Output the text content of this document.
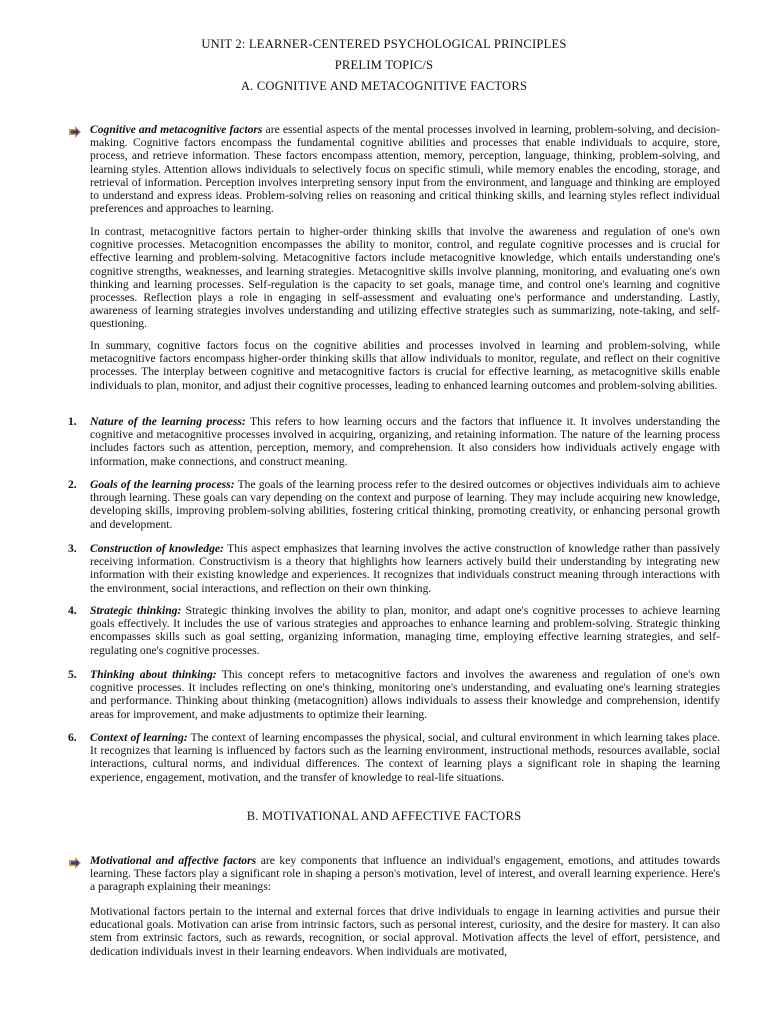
UNIT 2: LEARNER-CENTERED PSYCHOLOGICAL PRINCIPLES
PRELIM TOPIC/S
A. COGNITIVE AND METACOGNITIVE FACTORS
Cognitive and metacognitive factors are essential aspects of the mental processes involved in learning, problem-solving, and decision-making. Cognitive factors encompass the fundamental cognitive abilities and processes that enable individuals to acquire, store, process, and retrieve information. These factors encompass attention, memory, perception, language, thinking, problem-solving, and learning styles. Attention allows individuals to selectively focus on specific stimuli, while memory enables the encoding, storage, and retrieval of information. Perception involves interpreting sensory input from the environment, and language and thinking are employed to understand and express ideas. Problem-solving relies on reasoning and critical thinking skills, and learning styles reflect individual preferences and approaches to learning.
In contrast, metacognitive factors pertain to higher-order thinking skills that involve the awareness and regulation of one's own cognitive processes. Metacognition encompasses the ability to monitor, control, and regulate cognitive processes and is crucial for effective learning and problem-solving. Metacognitive factors include metacognitive knowledge, which entails understanding one's cognitive strengths, weaknesses, and learning strategies. Metacognitive skills involve planning, monitoring, and evaluating one's own thinking and learning processes. Self-regulation is the capacity to set goals, manage time, and control one's learning and cognitive processes. Reflection plays a role in engaging in self-assessment and evaluating one's performance and understanding. Lastly, awareness of learning strategies involves understanding and utilizing effective strategies such as summarizing, note-taking, and self-questioning.
In summary, cognitive factors focus on the cognitive abilities and processes involved in learning and problem-solving, while metacognitive factors encompass higher-order thinking skills that allow individuals to monitor, regulate, and reflect on their cognitive processes. The interplay between cognitive and metacognitive factors is crucial for effective learning, as metacognitive skills enable individuals to plan, monitor, and adjust their cognitive processes, leading to enhanced learning outcomes and problem-solving abilities.
1. Nature of the learning process: This refers to how learning occurs and the factors that influence it. It involves understanding the cognitive and metacognitive processes involved in acquiring, organizing, and retaining information. The nature of the learning process includes factors such as attention, perception, memory, and comprehension. It also considers how individuals actively engage with information, make connections, and construct meaning.
2. Goals of the learning process: The goals of the learning process refer to the desired outcomes or objectives individuals aim to achieve through learning. These goals can vary depending on the context and purpose of learning. They may include acquiring new knowledge, developing skills, improving problem-solving abilities, fostering critical thinking, promoting creativity, or enhancing personal growth and development.
3. Construction of knowledge: This aspect emphasizes that learning involves the active construction of knowledge rather than passively receiving information. Constructivism is a theory that highlights how learners actively build their understanding by integrating new information with their existing knowledge and experiences. It recognizes that individuals construct meaning through interactions with the environment, social interactions, and reflection on their own thinking.
4. Strategic thinking: Strategic thinking involves the ability to plan, monitor, and adapt one's cognitive processes to achieve learning goals effectively. It includes the use of various strategies and approaches to enhance learning and problem-solving. Strategic thinking encompasses skills such as goal setting, organizing information, managing time, employing effective learning strategies, and self-regulating one's cognitive processes.
5. Thinking about thinking: This concept refers to metacognitive factors and involves the awareness and regulation of one's own cognitive processes. It includes reflecting on one's thinking, monitoring one's understanding, and evaluating one's learning strategies and performance. Thinking about thinking (metacognition) allows individuals to assess their knowledge and comprehension, identify areas for improvement, and make adjustments to optimize their learning.
6. Context of learning: The context of learning encompasses the physical, social, and cultural environment in which learning takes place. It recognizes that learning is influenced by factors such as the learning environment, instructional methods, resources available, social interactions, cultural norms, and individual differences. The context of learning plays a significant role in shaping the learning experience, engagement, motivation, and the transfer of knowledge to real-life situations.
B. MOTIVATIONAL AND AFFECTIVE FACTORS
Motivational and affective factors are key components that influence an individual's engagement, emotions, and attitudes towards learning. These factors play a significant role in shaping a person's motivation, level of interest, and overall learning experience. Here's a paragraph explaining their meanings:
Motivational factors pertain to the internal and external forces that drive individuals to engage in learning activities and pursue their educational goals. Motivation can arise from intrinsic factors, such as personal interest, curiosity, and the desire for mastery. It can also stem from extrinsic factors, such as rewards, recognition, or social approval. Motivation affects the level of effort, persistence, and dedication individuals invest in their learning endeavors. When individuals are motivated,
